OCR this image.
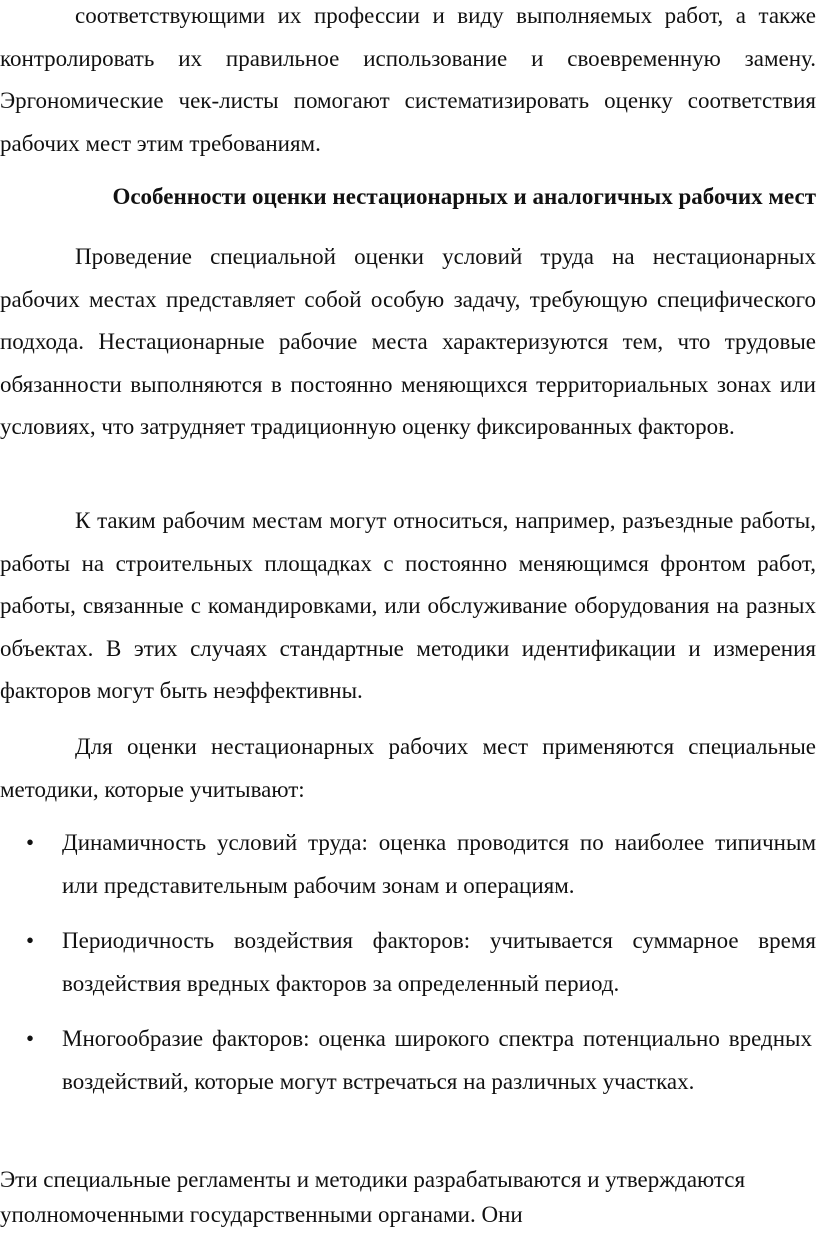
соответствующими их профессии и виду выполняемых работ, а также контролировать их правильное использование и своевременную замену. Эргономические чек-листы помогают систематизировать оценку соответствия рабочих мест этим требованиям.

Особенности оценки нестационарных и аналогичных рабочих мест

Проведение специальной оценки условий труда на нестационарных рабочих местах представляет собой особую задачу, требующую специфического подхода. Нестационарные рабочие места характеризуются тем, что трудовые обязанности выполняются в постоянно меняющихся территориальных зонах или условиях, что затрудняет традиционную оценку фиксированных факторов.

К таким рабочим местам могут относиться, например, разъездные работы, работы на строительных площадках с постоянно меняющимся фронтом работ, работы, связанные с командировками, или обслуживание оборудования на разных объектах. В этих случаях стандартные методики идентификации и измерения факторов могут быть неэффективны.

Для оценки нестационарных рабочих мест применяются специальные методики, которые учитывают:

• Динамичность условий труда: оценка проводится по наиболее типичным или представительным рабочим зонам и операциям.

• Периодичность воздействия факторов: учитывается суммарное время воздействия вредных факторов за определенный период.

• Многообразие факторов: оценка широкого спектра потенциально вредных воздействий, которые могут встречаться на различных участках.

Эти специальные регламенты и методики разрабатываются и утверждаются

уполномоченными государственными органами. Они
